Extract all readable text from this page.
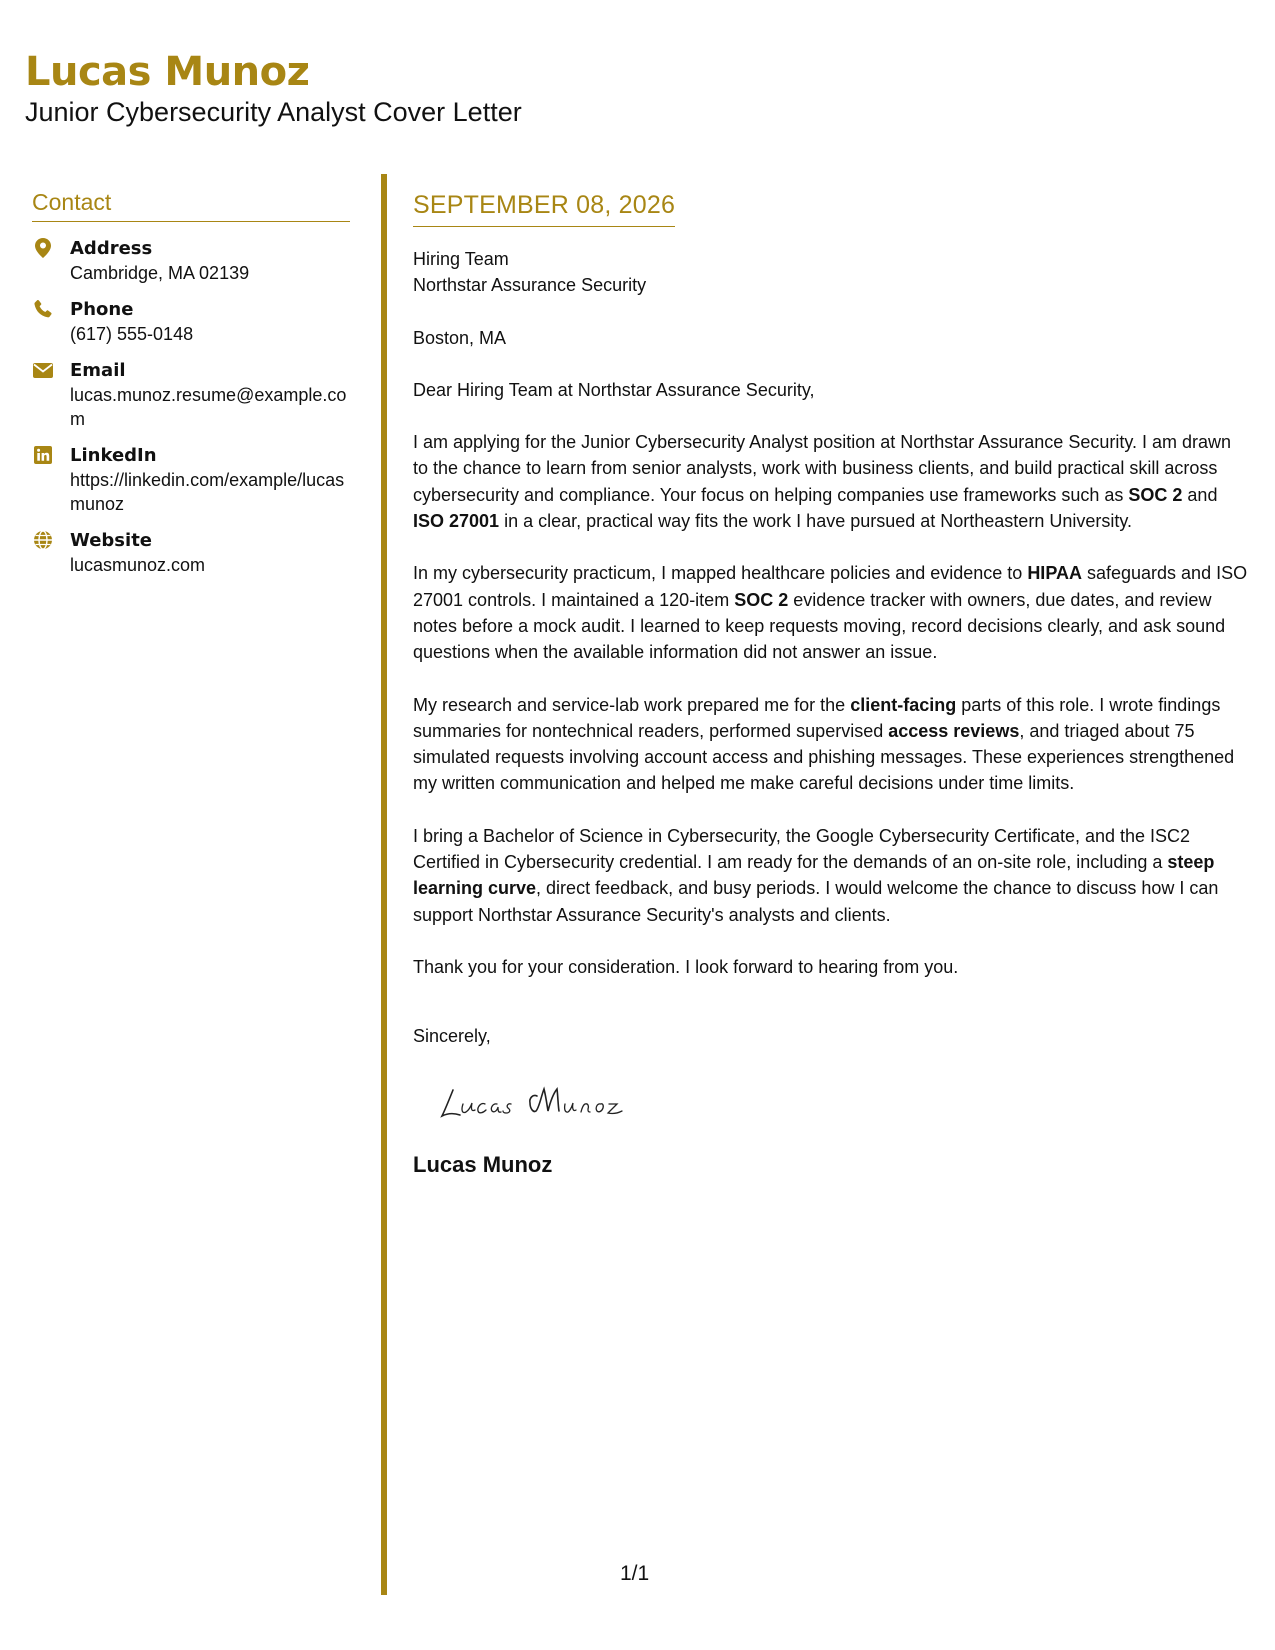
Lucas Munoz
Junior Cybersecurity Analyst Cover Letter
Contact
Address
Cambridge, MA 02139
Phone
(617) 555-0148
Email
lucas.munoz.resume@example.com
LinkedIn
https://linkedin.com/example/lucasmunoz
Website
lucasmunoz.com
SEPTEMBER 08, 2026
Hiring Team
Northstar Assurance Security
Boston, MA
Dear Hiring Team at Northstar Assurance Security,
I am applying for the Junior Cybersecurity Analyst position at Northstar Assurance Security. I am drawn to the chance to learn from senior analysts, work with business clients, and build practical skill across cybersecurity and compliance. Your focus on helping companies use frameworks such as SOC 2 and ISO 27001 in a clear, practical way fits the work I have pursued at Northeastern University.
In my cybersecurity practicum, I mapped healthcare policies and evidence to HIPAA safeguards and ISO 27001 controls. I maintained a 120-item SOC 2 evidence tracker with owners, due dates, and review notes before a mock audit. I learned to keep requests moving, record decisions clearly, and ask sound questions when the available information did not answer an issue.
My research and service-lab work prepared me for the client-facing parts of this role. I wrote findings summaries for nontechnical readers, performed supervised access reviews, and triaged about 75 simulated requests involving account access and phishing messages. These experiences strengthened my written communication and helped me make careful decisions under time limits.
I bring a Bachelor of Science in Cybersecurity, the Google Cybersecurity Certificate, and the ISC2 Certified in Cybersecurity credential. I am ready for the demands of an on-site role, including a steep learning curve, direct feedback, and busy periods. I would welcome the chance to discuss how I can support Northstar Assurance Security's analysts and clients.
Thank you for your consideration. I look forward to hearing from you.
Sincerely,
Lucas Munoz
1/1
